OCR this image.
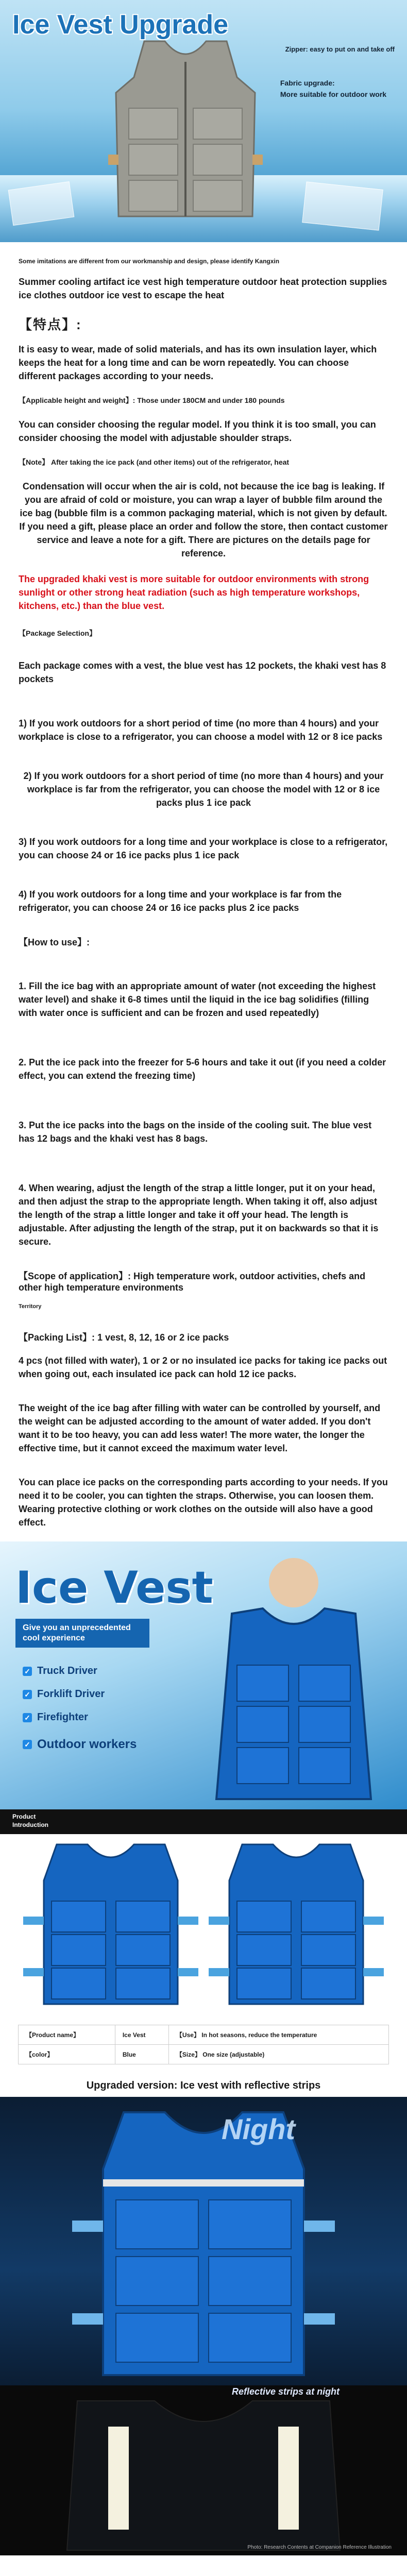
Ice Vest Upgrade
Zipper: easy to put on and take off
Fabric upgrade:
More suitable for outdoor work
Some imitations are different from our workmanship and design, please identify Kangxin

Summer cooling artifact ice vest high temperature outdoor heat protection supplies ice clothes outdoor ice vest to escape the heat

【特点】:

It is easy to wear, made of solid materials, and has its own insulation layer, which keeps the heat for a long time and can be worn repeatedly. You can choose different packages according to your needs.

【Applicable height and weight】: Those under 180CM and under 180 pounds

You can consider choosing the regular model. If you think it is too small, you can consider choosing the model with adjustable shoulder straps.

【Note】 After taking the ice pack (and other items) out of the refrigerator, heat

Condensation will occur when the air is cold, not because the ice bag is leaking. If you are afraid of cold or moisture, you can wrap a layer of bubble film around the ice bag (bubble film is a common packaging material, which is not given by default. If you need a gift, please place an order and follow the store, then contact customer service and leave a note for a gift. There are pictures on the details page for reference.

The upgraded khaki vest is more suitable for outdoor environments with strong sunlight or other strong heat radiation (such as high temperature workshops, kitchens, etc.) than the blue vest.

【Package Selection】

Each package comes with a vest, the blue vest has 12 pockets, the khaki vest has 8 pockets

1) If you work outdoors for a short period of time (no more than 4 hours) and your workplace is close to a refrigerator, you can choose a model with 12 or 8 ice packs

2) If you work outdoors for a short period of time (no more than 4 hours) and your workplace is far from the refrigerator, you can choose the model with 12 or 8 ice packs plus 1 ice pack

3) If you work outdoors for a long time and your workplace is close to a refrigerator, you can choose 24 or 16 ice packs plus 1 ice pack

4) If you work outdoors for a long time and your workplace is far from the refrigerator, you can choose 24 or 16 ice packs plus 2 ice packs

【How to use】:

1. Fill the ice bag with an appropriate amount of water (not exceeding the highest water level) and shake it 6-8 times until the liquid in the ice bag solidifies (filling with water once is sufficient and can be frozen and used repeatedly)

2. Put the ice pack into the freezer for 5-6 hours and take it out (if you need a colder effect, you can extend the freezing time)

3. Put the ice packs into the bags on the inside of the cooling suit. The blue vest has 12 bags and the khaki vest has 8 bags.

4. When wearing, adjust the length of the strap a little longer, put it on your head, and then adjust the strap to the appropriate length. When taking it off, also adjust the length of the strap a little longer and take it off your head. The length is adjustable. After adjusting the length of the strap, put it on backwards so that it is secure.

【Scope of application】: High temperature work, outdoor activities, chefs and other high temperature environments
Territory
【Packing List】: 1 vest, 8, 12, 16 or 2 ice packs

4 pcs (not filled with water), 1 or 2 or no insulated ice packs for taking ice packs out when going out, each insulated ice pack can hold 12 ice packs.

The weight of the ice bag after filling with water can be controlled by yourself, and the weight can be adjusted according to the amount of water added. If you don't want it to be too heavy, you can add less water! The more water, the longer the effective time, but it cannot exceed the maximum water level.

You can place ice packs on the corresponding parts according to your needs. If you need it to be cooler, you can tighten the straps. Otherwise, you can loosen them. Wearing protective clothing or work clothes on the outside will also have a good effect.

Ice Vest
Give you an unprecedented cool experience
✓ Truck Driver
✓ Forklift Driver
✓ Firefighter
✓ Outdoor workers
Product
Introduction
【Product name】	Ice Vest	【Use】 In hot seasons, reduce the temperature
【color】	Blue	【Size】 One size (adjustable)
Upgraded version: Ice vest with reflective strips
Night
Reflective strips at night
Photo: Research Contents at Companion Reference Illustration
